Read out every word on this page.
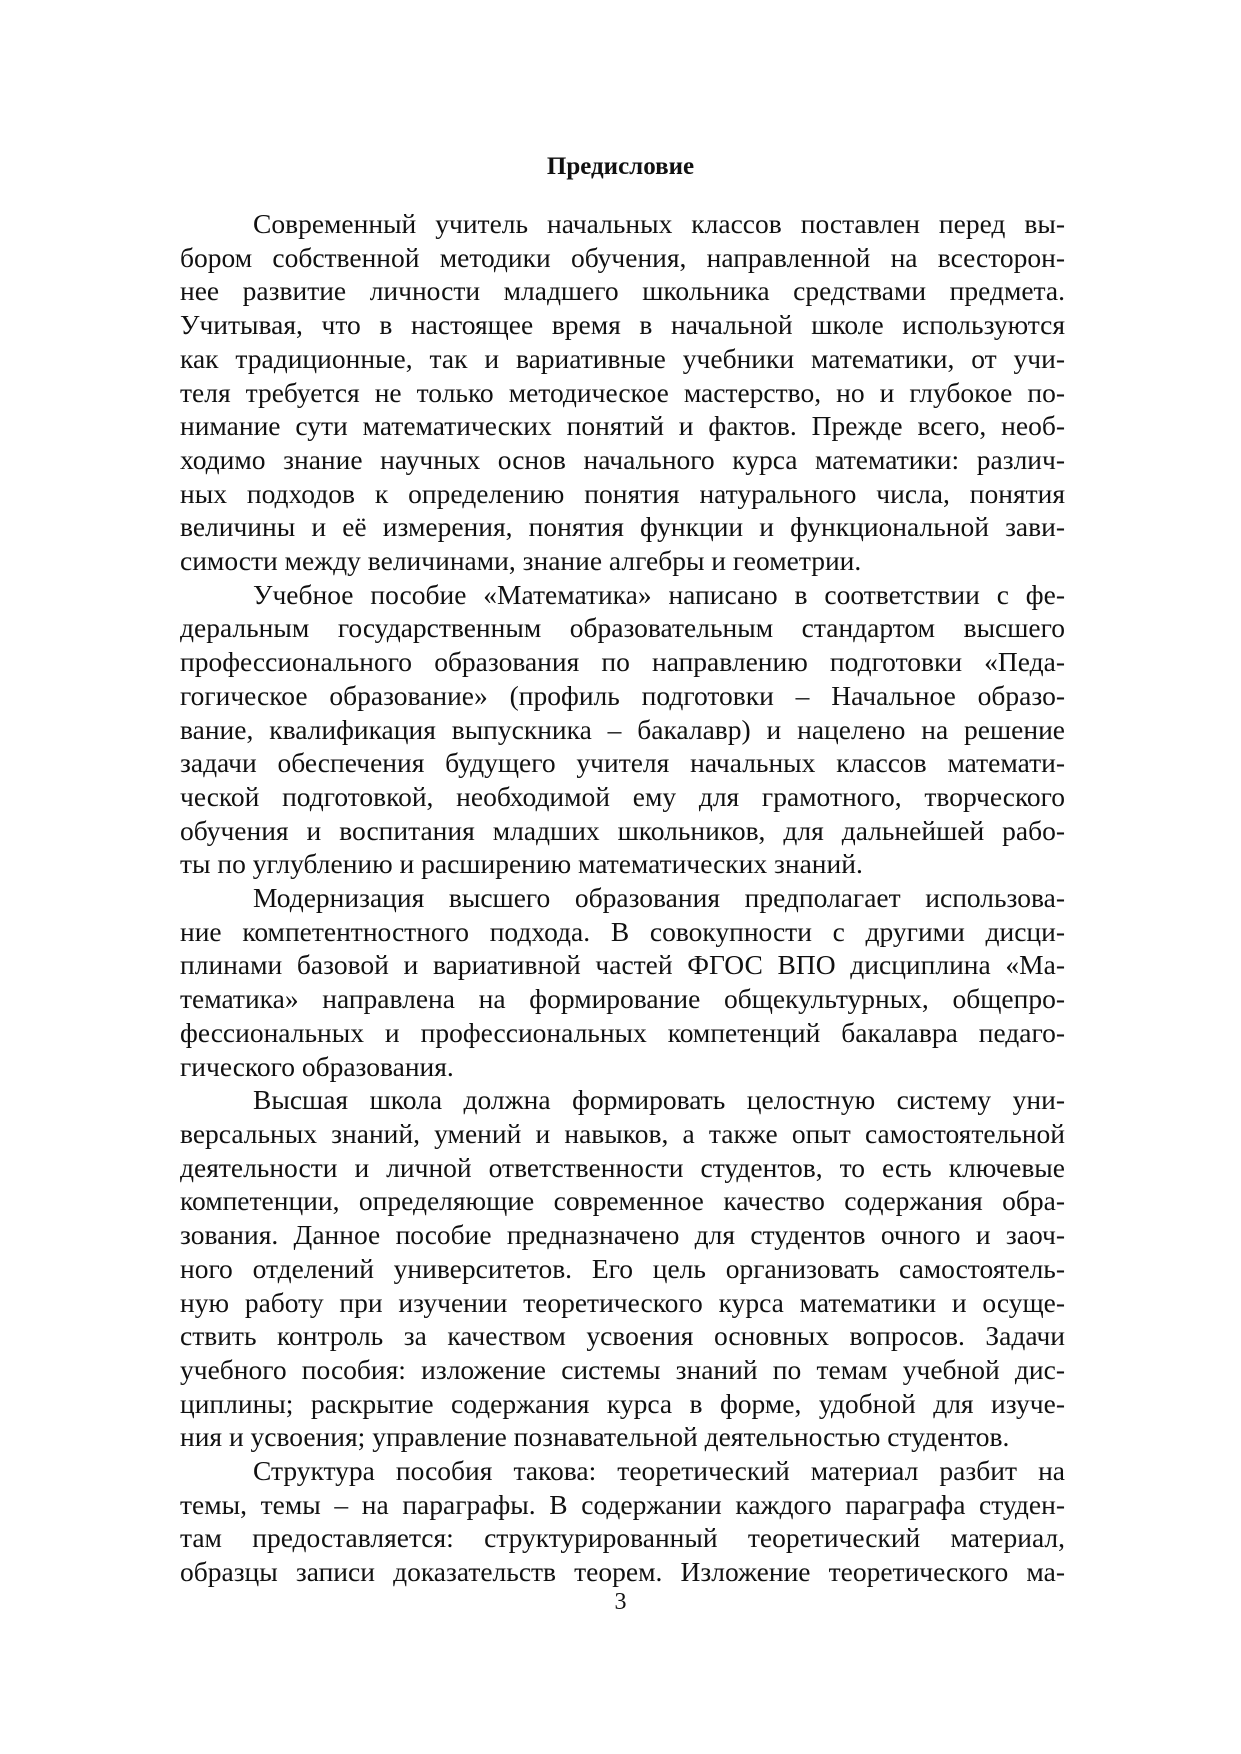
Предисловие

Современный учитель начальных классов поставлен перед вы-
бором собственной методики обучения, направленной на всесторон-
нее развитие личности младшего школьника средствами предмета.
Учитывая, что в настоящее время в начальной школе используются
как традиционные, так и вариативные учебники математики, от учи-
теля требуется не только методическое мастерство, но и глубокое по-
нимание сути математических понятий и фактов. Прежде всего, необ-
ходимо знание научных основ начального курса математики: различ-
ных подходов к определению понятия натурального числа, понятия
величины и её измерения, понятия функции и функциональной зави-
симости между величинами, знание алгебры и геометрии.

Учебное пособие «Математика» написано в соответствии с фе-
деральным государственным образовательным стандартом высшего
профессионального образования по направлению подготовки «Педа-
гогическое образование» (профиль подготовки – Начальное образо-
вание, квалификация выпускника – бакалавр) и нацелено на решение
задачи обеспечения будущего учителя начальных классов математи-
ческой подготовкой, необходимой ему для грамотного, творческого
обучения и воспитания младших школьников, для дальнейшей рабо-
ты по углублению и расширению математических знаний.

Модернизация высшего образования предполагает использова-
ние компетентностного подхода. В совокупности с другими дисци-
плинами базовой и вариативной частей ФГОС ВПО дисциплина «Ма-
тематика» направлена на формирование общекультурных, общепро-
фессиональных и профессиональных компетенций бакалавра педаго-
гического образования.

Высшая школа должна формировать целостную систему уни-
версальных знаний, умений и навыков, а также опыт самостоятельной
деятельности и личной ответственности студентов, то есть ключевые
компетенции, определяющие современное качество содержания обра-
зования. Данное пособие предназначено для студентов очного и заоч-
ного отделений университетов. Его цель организовать самостоятель-
ную работу при изучении теоретического курса математики и осуще-
ствить контроль за качеством усвоения основных вопросов. Задачи
учебного пособия: изложение системы знаний по темам учебной дис-
циплины; раскрытие содержания курса в форме, удобной для изуче-
ния и усвоения; управление познавательной деятельностью студентов.

Структура пособия такова: теоретический материал разбит на
темы, темы – на параграфы. В содержании каждого параграфа студен-
там предоставляется: структурированный теоретический материал,
образцы записи доказательств теорем. Изложение теоретического ма-

3
